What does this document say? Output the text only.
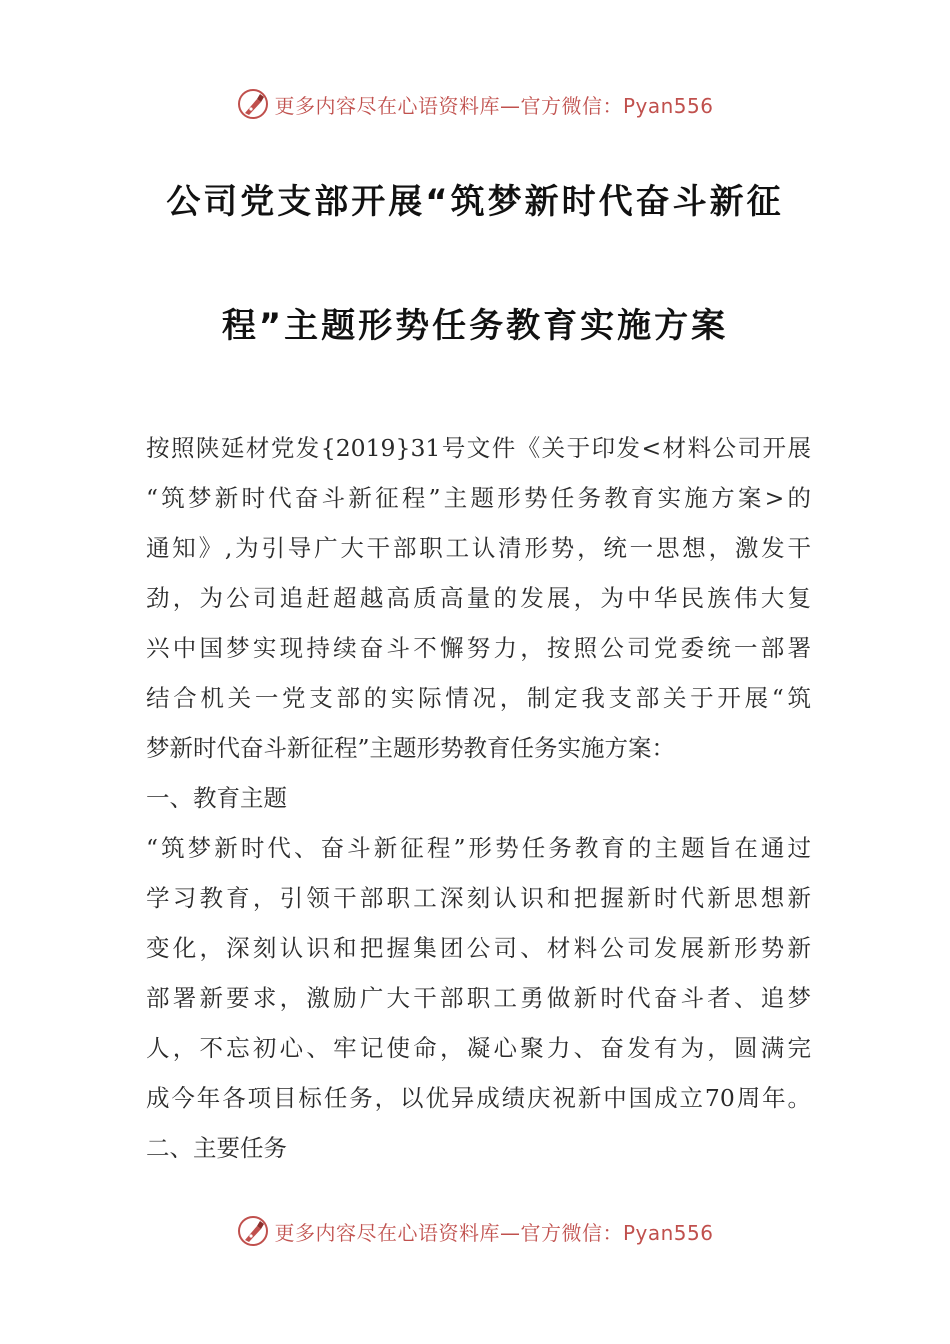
更多内容尽在心语资料库—官方微信：Pyan556
公司党支部开展“筑梦新时代奋斗新征
程”主题形势任务教育实施方案
按照陕延材党发{2019}31号文件《关于印发<材料公司开展
“筑梦新时代奋斗新征程”主题形势任务教育实施方案>的
通知》,为引导广大干部职工认清形势，统一思想，激发干
劲，为公司追赶超越高质高量的发展，为中华民族伟大复
兴中国梦实现持续奋斗不懈努力，按照公司党委统一部署
结合机关一党支部的实际情况，制定我支部关于开展“筑
梦新时代奋斗新征程”主题形势教育任务实施方案：
一、教育主题
“筑梦新时代、奋斗新征程”形势任务教育的主题旨在通过
学习教育，引领干部职工深刻认识和把握新时代新思想新
变化，深刻认识和把握集团公司、材料公司发展新形势新
部署新要求，激励广大干部职工勇做新时代奋斗者、追梦
人，不忘初心、牢记使命，凝心聚力、奋发有为，圆满完
成今年各项目标任务，以优异成绩庆祝新中国成立70周年。
二、主要任务
更多内容尽在心语资料库—官方微信：Pyan556
